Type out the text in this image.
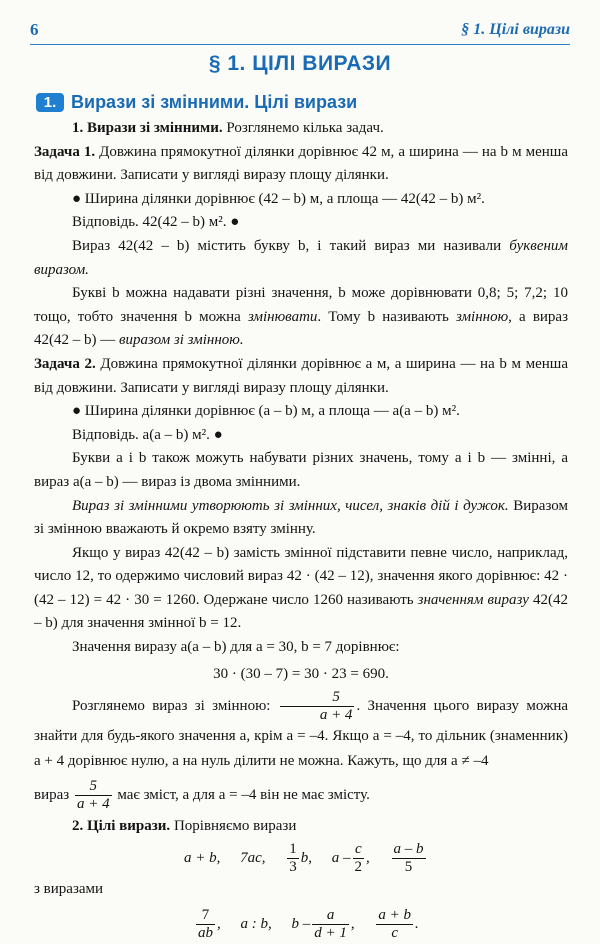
6	§ 1. Цілі вирази
§ 1. ЦІЛІ ВИРАЗИ
1. Вирази зі змінними. Цілі вирази

1. Вирази зі змінними. Розглянемо кілька задач.

Задача 1. Довжина прямокутної ділянки дорівнює 42 м, а ширина — на b м менша від довжини. Записати у вигляді виразу площу ділянки.

● Ширина ділянки дорівнює (42 – b) м, а площа — 42(42 – b) м².

Відповідь. 42(42 – b) м². ●

Вираз 42(42 – b) містить букву b, і такий вираз ми називали буквеним виразом.

Букві b можна надавати різні значення, b може дорівнювати 0,8; 5; 7,2; 10 тощо, тобто значення b можна змінювати. Тому b називають змінною, а вираз 42(42 – b) — виразом зі змінною.

Задача 2. Довжина прямокутної ділянки дорівнює a м, а ширина — на b м менша від довжини. Записати у вигляді виразу площу ділянки.

● Ширина ділянки дорівнює (a – b) м, а площа — a(a – b) м².

Відповідь. a(a – b) м². ●

Букви a і b також можуть набувати різних значень, тому a і b — змінні, а вираз a(a – b) — вираз із двома змінними.

Вираз зі змінними утворюють зі змінних, чисел, знаків дій і дужок. Виразом зі змінною вважають й окремо взяту змінну.

Якщо у вираз 42(42 – b) замість змінної підставити певне число, наприклад, число 12, то одержимо числовий вираз 42 · (42 – 12), значення якого дорівнює: 42 · (42 – 12) = 42 · 30 = 1260. Одержане число 1260 називають значенням виразу 42(42 – b) для значення змінної b = 12.

Значення виразу a(a – b) для a = 30, b = 7 дорівнює:

30 · (30 – 7) = 30 · 23 = 690.

Розглянемо вираз зі змінною: $\frac{5}{a + 4}$ . Значення цього виразу можна знайти для будь-якого значення a, крім a = –4. Якщо a = –4, то дільник (знаменник) a + 4 дорівнює нулю, а на нуль ділити не можна. Кажуть, що для a ≠ –4

вираз $\frac{5}{a + 4}$ має зміст, а для a = –4 він не має змісту.

2. Цілі вирази. Порівняємо вирази

a + b, 7ac, $\frac{1}{3} b$, a – $\frac{c}{2}$ , $\frac{a - b}{5}$

з виразами

$\frac{7}{ab}$ , a : b, b – $\frac{a}{d + 1}$ , $\frac{a + b}{c}$ .
